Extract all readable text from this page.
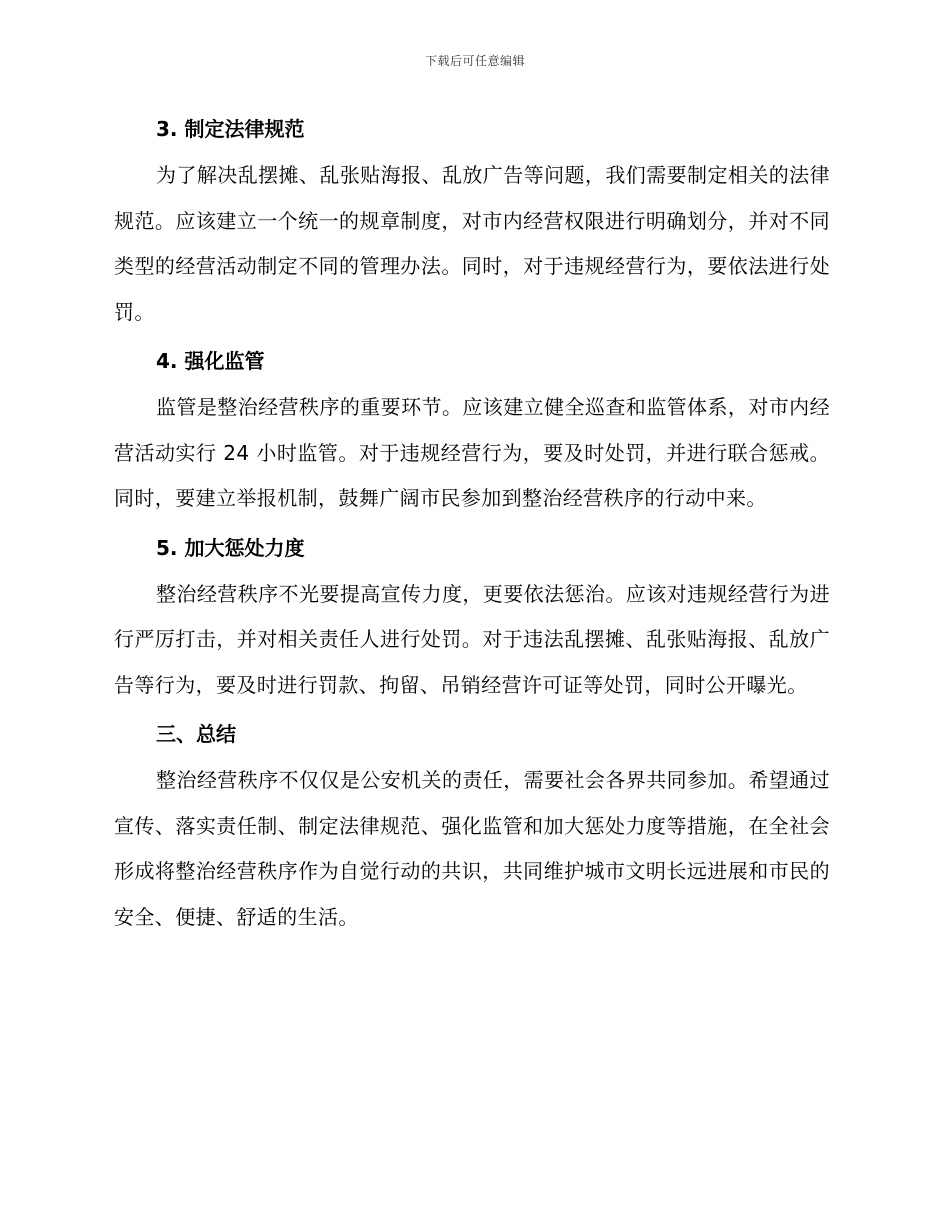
下载后可任意编辑
3. 制定法律规范

为了解决乱摆摊、乱张贴海报、乱放广告等问题，我们需要制定相关的法律规范。应该建立一个统一的规章制度，对市内经营权限进行明确划分，并对不同类型的经营活动制定不同的管理办法。同时，对于违规经营行为，要依法进行处罚。

4. 强化监管

监管是整治经营秩序的重要环节。应该建立健全巡查和监管体系，对市内经营活动实行 24 小时监管。对于违规经营行为，要及时处罚，并进行联合惩戒。同时，要建立举报机制，鼓舞广阔市民参加到整治经营秩序的行动中来。

5. 加大惩处力度

整治经营秩序不光要提高宣传力度，更要依法惩治。应该对违规经营行为进行严厉打击，并对相关责任人进行处罚。对于违法乱摆摊、乱张贴海报、乱放广告等行为，要及时进行罚款、拘留、吊销经营许可证等处罚，同时公开曝光。

三、总结

整治经营秩序不仅仅是公安机关的责任，需要社会各界共同参加。希望通过宣传、落实责任制、制定法律规范、强化监管和加大惩处力度等措施，在全社会形成将整治经营秩序作为自觉行动的共识，共同维护城市文明长远进展和市民的安全、便捷、舒适的生活。
